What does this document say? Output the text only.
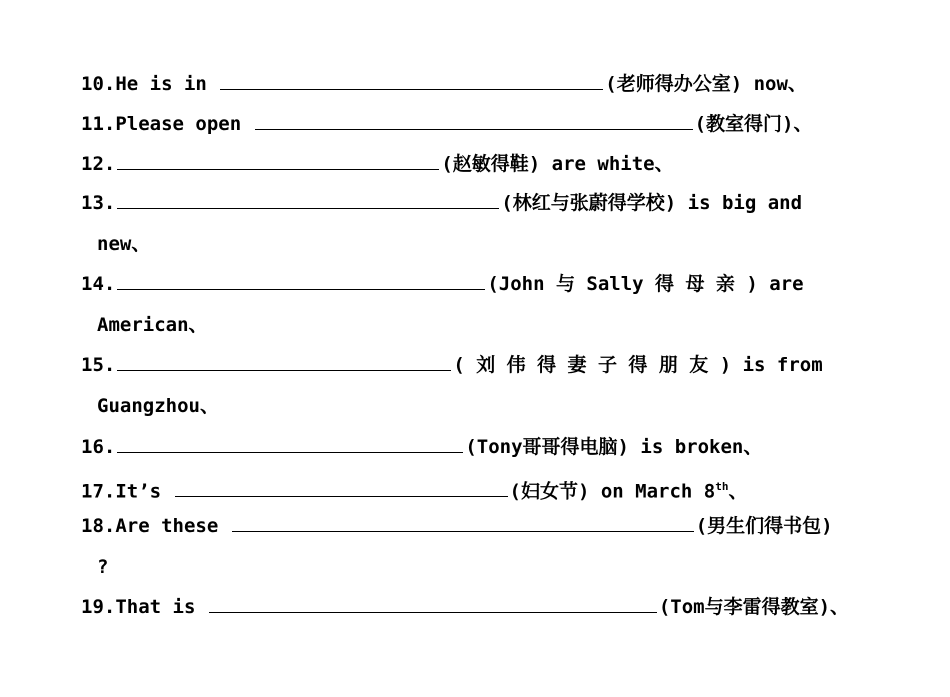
10.He is in	(老师得办公室) now、
11.Please open	(教室得门)、
12.	(赵敏得鞋) are white、
13.	(林红与张蔚得学校) is big and
new、
14.	(John 与 Sally 得 母 亲 ) are
American、
15.	( 刘 伟 得 妻 子 得 朋 友 ) is from
Guangzhou、
16.	(Tony哥哥得电脑) is broken、
17.It’s	(妇女节) on March 8th、
18.Are these	(男生们得书包)
?
19.That is	(Tom与李雷得教室)、
